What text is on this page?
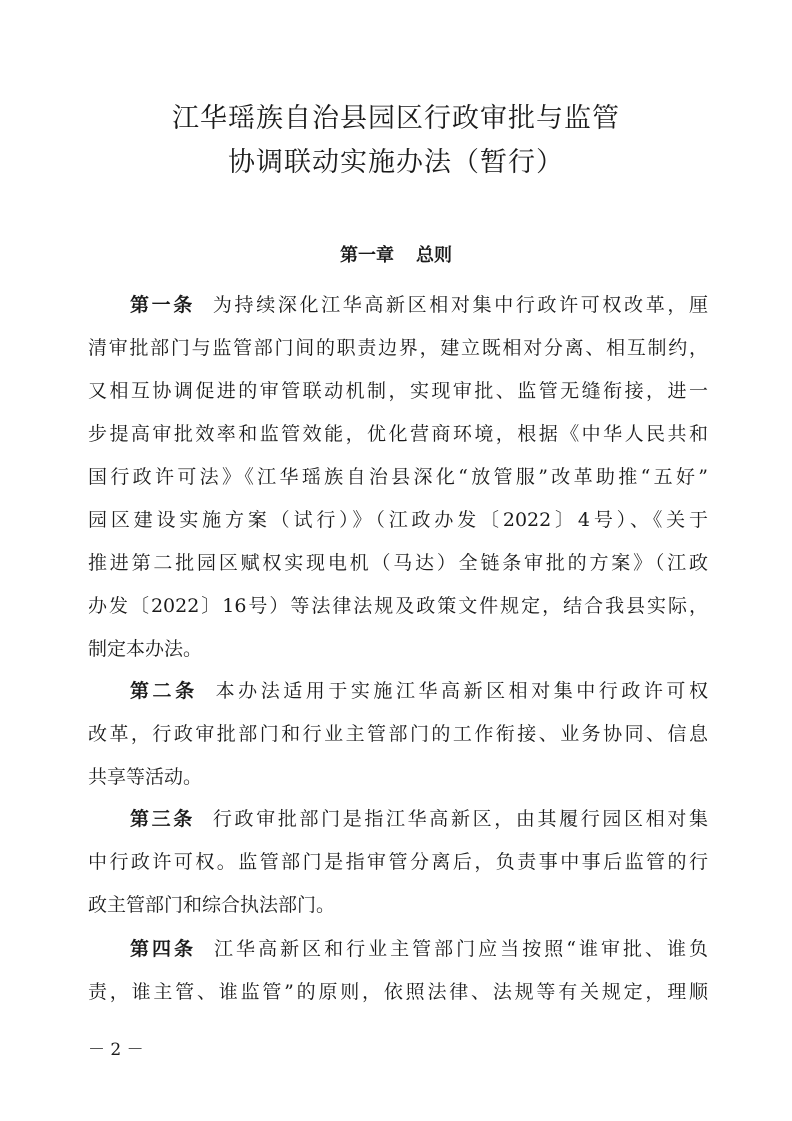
江华瑶族自治县园区行政审批与监管
协调联动实施办法（暂行）
第一章 总则

第一条 为持续深化江华高新区相对集中行政许可权改革，厘

清审批部门与监管部门间的职责边界，建立既相对分离、相互制约，

又相互协调促进的审管联动机制，实现审批、监管无缝衔接，进一

步提高审批效率和监管效能，优化营商环境，根据《中华人民共和

国行政许可法》《江华瑶族自治县深化“放管服”改革助推“五好”

园区建设实施方案（试行）》（江政办发〔2022〕4号）、《关于

推进第二批园区赋权实现电机（马达）全链条审批的方案》（江政

办发〔2022〕16号）等法律法规及政策文件规定，结合我县实际，

制定本办法。

第二条 本办法适用于实施江华高新区相对集中行政许可权

改革，行政审批部门和行业主管部门的工作衔接、业务协同、信息

共享等活动。

第三条 行政审批部门是指江华高新区，由其履行园区相对集

中行政许可权。监管部门是指审管分离后，负责事中事后监管的行

政主管部门和综合执法部门。

第四条 江华高新区和行业主管部门应当按照“谁审批、谁负

责，谁主管、谁监管”的原则，依照法律、法规等有关规定，理顺

－ 2 －
